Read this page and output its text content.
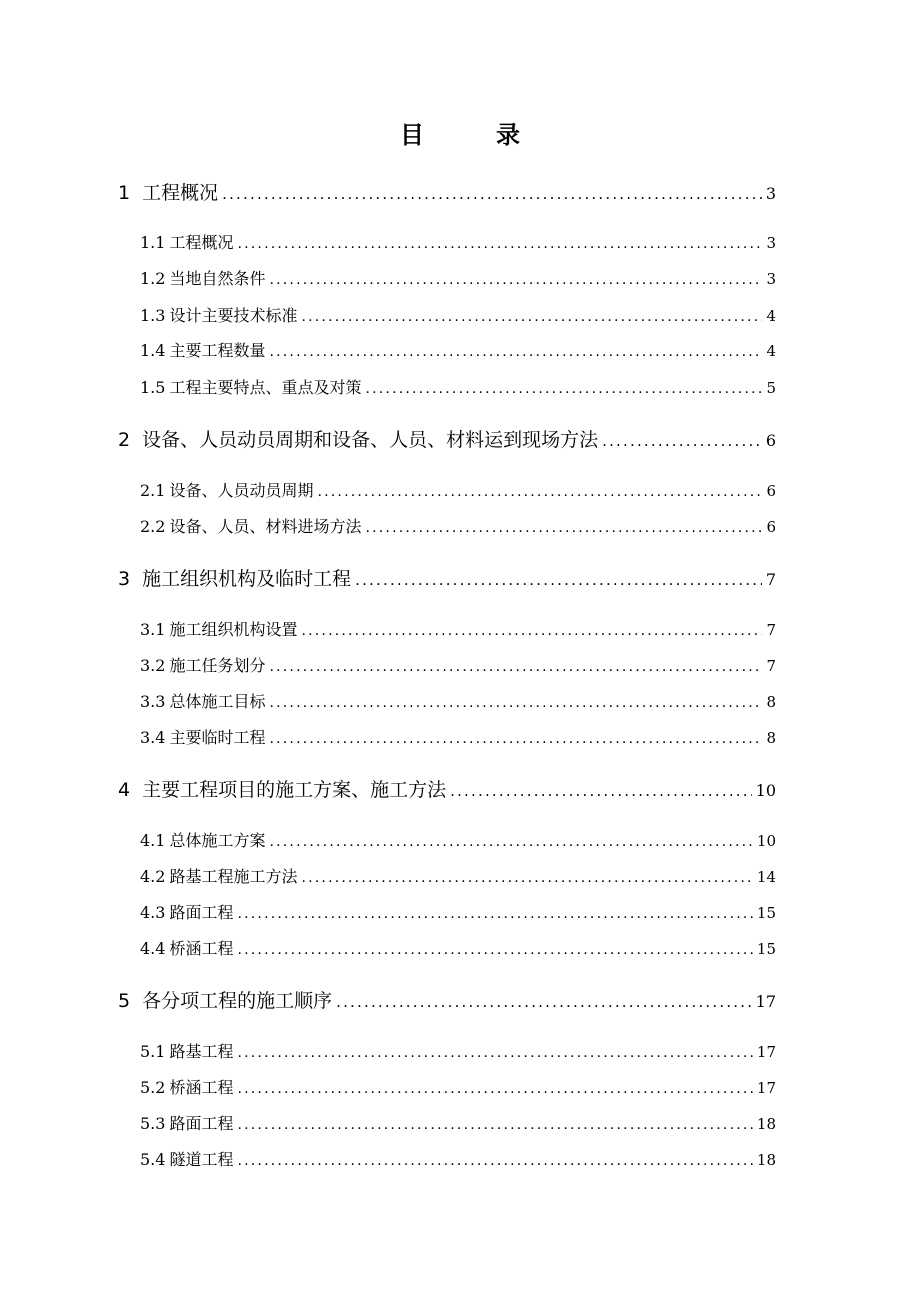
目　录
1 工程概况 .....	3
1.1 工程概况 .....	3
1.2 当地自然条件 .....	3
1.3 设计主要技术标准 .....	4
1.4 主要工程数量 .....	4
1.5 工程主要特点、重点及对策 .....	5
2 设备、人员动员周期和设备、人员、材料运到现场方法 .....	6
2.1 设备、人员动员周期 .....	6
2.2 设备、人员、材料进场方法 .....	6
3 施工组织机构及临时工程 .....	7
3.1 施工组织机构设置 .....	7
3.2 施工任务划分 .....	7
3.3 总体施工目标 .....	8
3.4 主要临时工程 .....	8
4 主要工程项目的施工方案、施工方法 .....	10
4.1 总体施工方案 .....	10
4.2 路基工程施工方法 .....	14
4.3 路面工程 .....	15
4.4 桥涵工程 .....	15
5 各分项工程的施工顺序 .....	17
5.1 路基工程 .....	17
5.2 桥涵工程 .....	17
5.3 路面工程 .....	18
5.4 隧道工程 .....	18
